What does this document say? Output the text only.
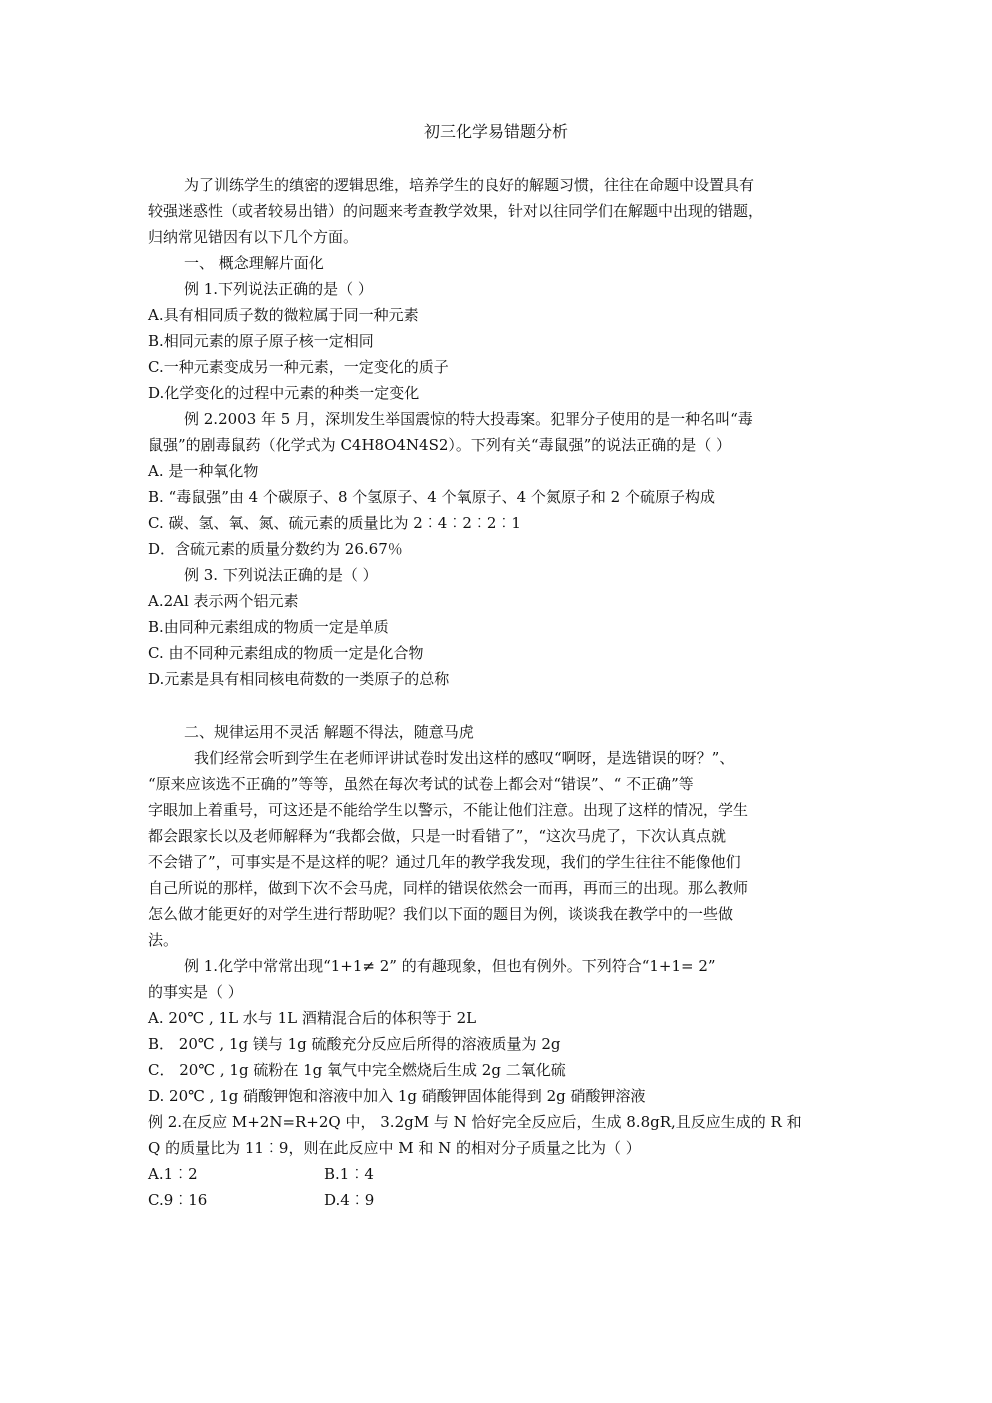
初三化学易错题分析
为了训练学生的缜密的逻辑思维，培养学生的良好的解题习惯，往往在命题中设置具有
较强迷惑性（或者较易出错）的问题来考查教学效果，针对以往同学们在解题中出现的错题，
归纳常见错因有以下几个方面。
一、 概念理解片面化
例 1.下列说法正确的是（ ）
A.具有相同质子数的微粒属于同一种元素
B.相同元素的原子原子核一定相同
C.一种元素变成另一种元素，一定变化的质子
D.化学变化的过程中元素的种类一定变化
例 2.2003 年 5 月，深圳发生举国震惊的特大投毒案。犯罪分子使用的是一种名叫“毒
鼠强”的剧毒鼠药（化学式为 C4H8O4N4S2）。下列有关“毒鼠强”的说法正确的是（ ）
A. 是一种氧化物
B. “毒鼠强”由 4 个碳原子、8 个氢原子、4 个氧原子、4 个氮原子和 2 个硫原子构成
C. 碳、氢、氧、氮、硫元素的质量比为 2︰4︰2︰2︰1
D．含硫元素的质量分数约为 26.67％
例 3. 下列说法正确的是（ ）
A.2Al 表示两个铝元素
B.由同种元素组成的物质一定是单质
C. 由不同种元素组成的物质一定是化合物
D.元素是具有相同核电荷数的一类原子的总称
二、规律运用不灵活 解题不得法，随意马虎
我们经常会听到学生在老师评讲试卷时发出这样的感叹“啊呀，是选错误的呀？”、
“原来应该选不正确的”等等，虽然在每次考试的试卷上都会对“错误”、“ 不正确”等
字眼加上着重号，可这还是不能给学生以警示，不能让他们注意。出现了这样的情况，学生
都会跟家长以及老师解释为“我都会做，只是一时看错了”，“这次马虎了，下次认真点就
不会错了”，可事实是不是这样的呢？通过几年的教学我发现，我们的学生往往不能像他们
自己所说的那样，做到下次不会马虎，同样的错误依然会一而再，再而三的出现。那么教师
怎么做才能更好的对学生进行帮助呢？我们以下面的题目为例，谈谈我在教学中的一些做
法。
例 1.化学中常常出现“1+1≠ 2” 的有趣现象，但也有例外。下列符合“1+1= 2”
的事实是（ ）
A. 20℃ , 1L 水与 1L 酒精混合后的体积等于 2L
B． 20℃ , 1g 镁与 1g 硫酸充分反应后所得的溶液质量为 2g
C． 20℃ , 1g 硫粉在 1g 氧气中完全燃烧后生成 2g 二氧化硫
D. 20℃ , 1g 硝酸钾饱和溶液中加入 1g 硝酸钾固体能得到 2g 硝酸钾溶液
例 2.在反应 M+2N=R+2Q 中， 3.2gM 与 N 恰好完全反应后，生成 8.8gR,且反应生成的 R 和
Q 的质量比为 11︰9，则在此反应中 M 和 N 的相对分子质量之比为（ ）
A.1︰2	B.1︰4
C.9︰16	D.4︰9
